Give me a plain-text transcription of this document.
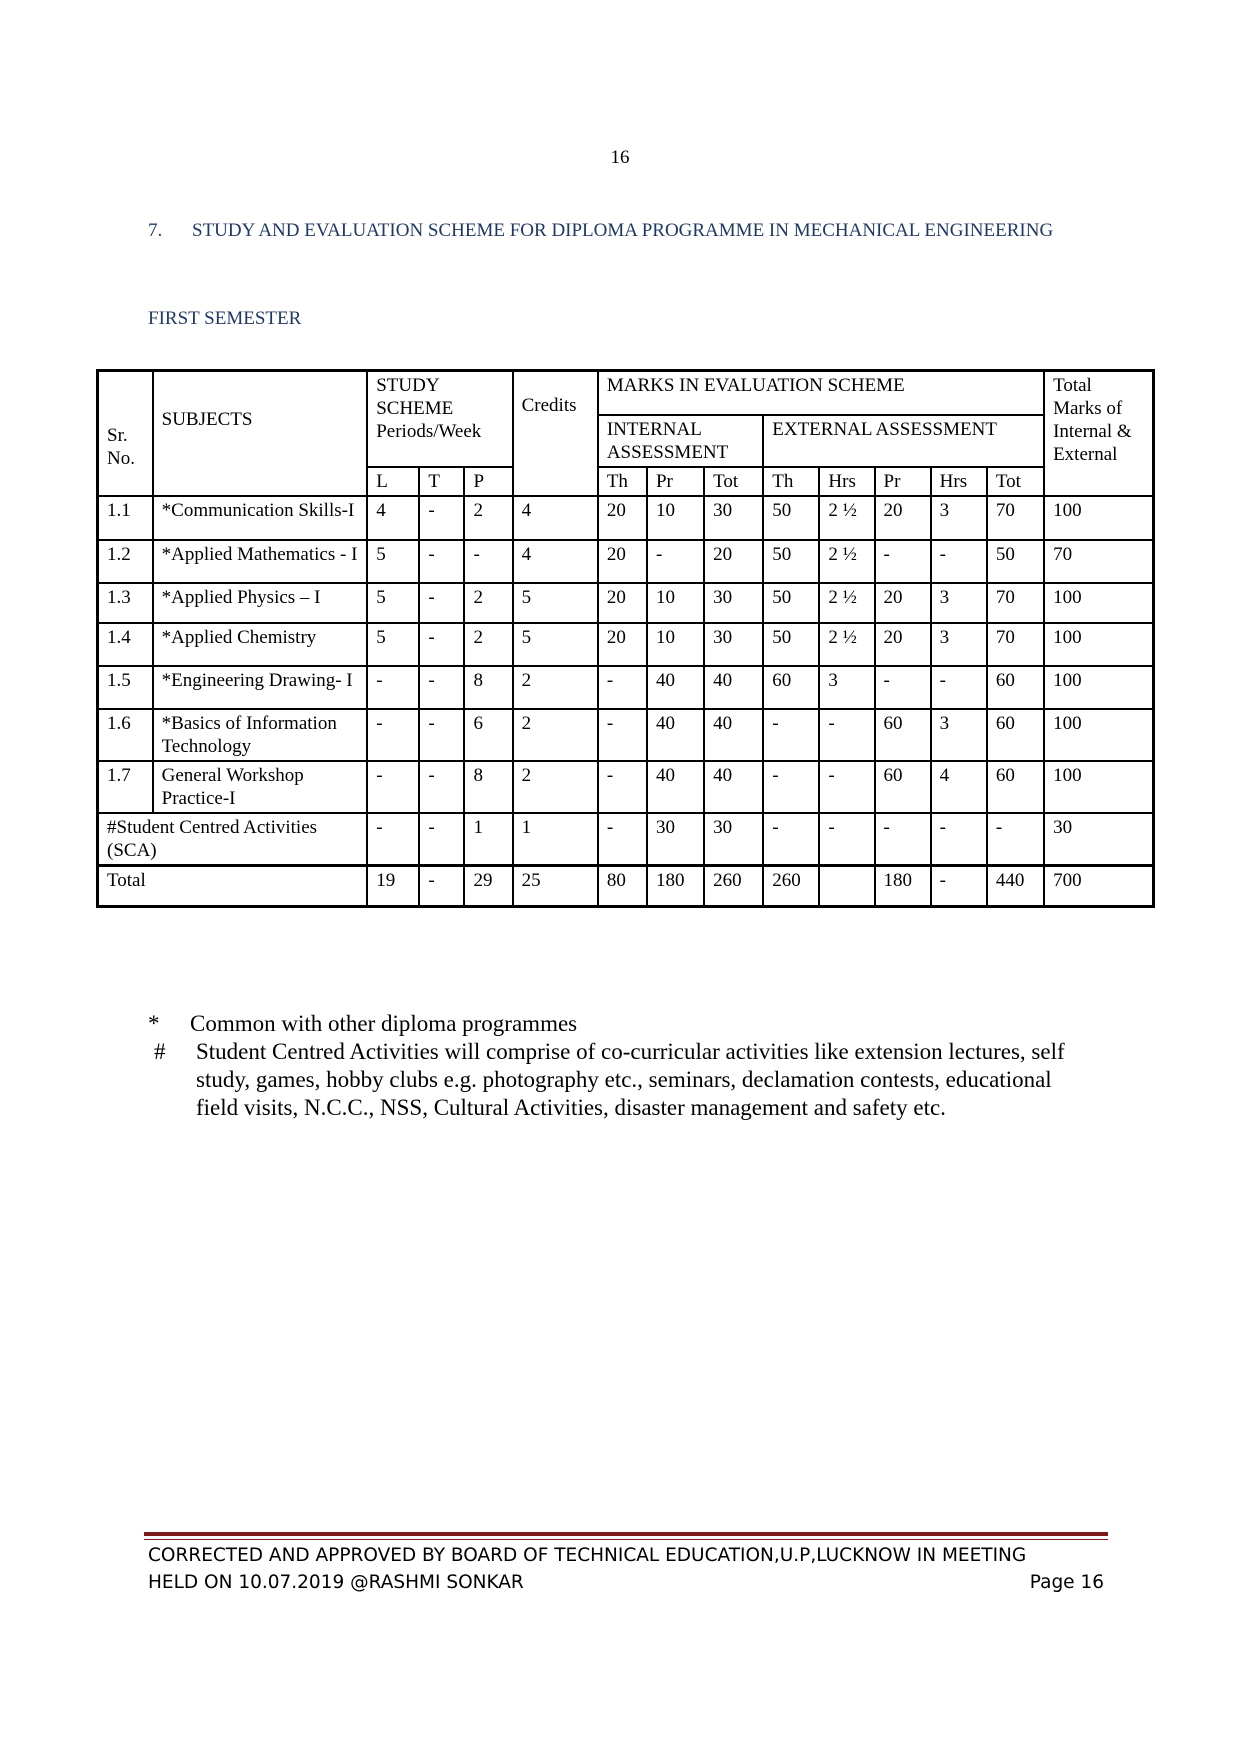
16
7. STUDY AND EVALUATION SCHEME FOR DIPLOMA PROGRAMME IN MECHANICAL ENGINEERING
FIRST SEMESTER
Sr. No.	SUBJECTS	STUDY SCHEME Periods/Week			Credits	MARKS IN EVALUATION SCHEME								Total Marks of Internal & External
						INTERNAL ASSESSMENT			EXTERNAL ASSESSMENT					
		L	T	P		Th	Pr	Tot	Th	Hrs	Pr	Hrs	Tot	
1.1	*Communication Skills-I	4	-	2	4	20	10	30	50	2 ½	20	3	70	100
1.2	*Applied Mathematics - I	5	-	-	4	20	-	20	50	2 ½	-	-	50	70
1.3	*Applied Physics – I	5	-	2	5	20	10	30	50	2 ½	20	3	70	100
1.4	*Applied Chemistry	5	-	2	5	20	10	30	50	2 ½	20	3	70	100
1.5	*Engineering Drawing- I	-	-	8	2	-	40	40	60	3	-	-	60	100
1.6	*Basics of Information Technology	-	-	6	2	-	40	40	-	-	60	3	60	100
1.7	General Workshop Practice-I	-	-	8	2	-	40	40	-	-	60	4	60	100
#Student Centred Activities (SCA)		-	-	1	1	-	30	30	-	-	-	-	-	30
Total		19	-	29	25	80	180	260	260		180	-	440	700
*	Common with other diploma programmes
#	Student Centred Activities will comprise of co-curricular activities like extension lectures, self study, games, hobby clubs e.g. photography etc., seminars, declamation contests, educational field visits, N.C.C., NSS, Cultural Activities, disaster management and safety etc.
CORRECTED AND APPROVED BY BOARD OF TECHNICAL EDUCATION,U.P,LUCKNOW IN MEETING
HELD ON 10.07.2019 @RASHMI SONKAR	Page 16
